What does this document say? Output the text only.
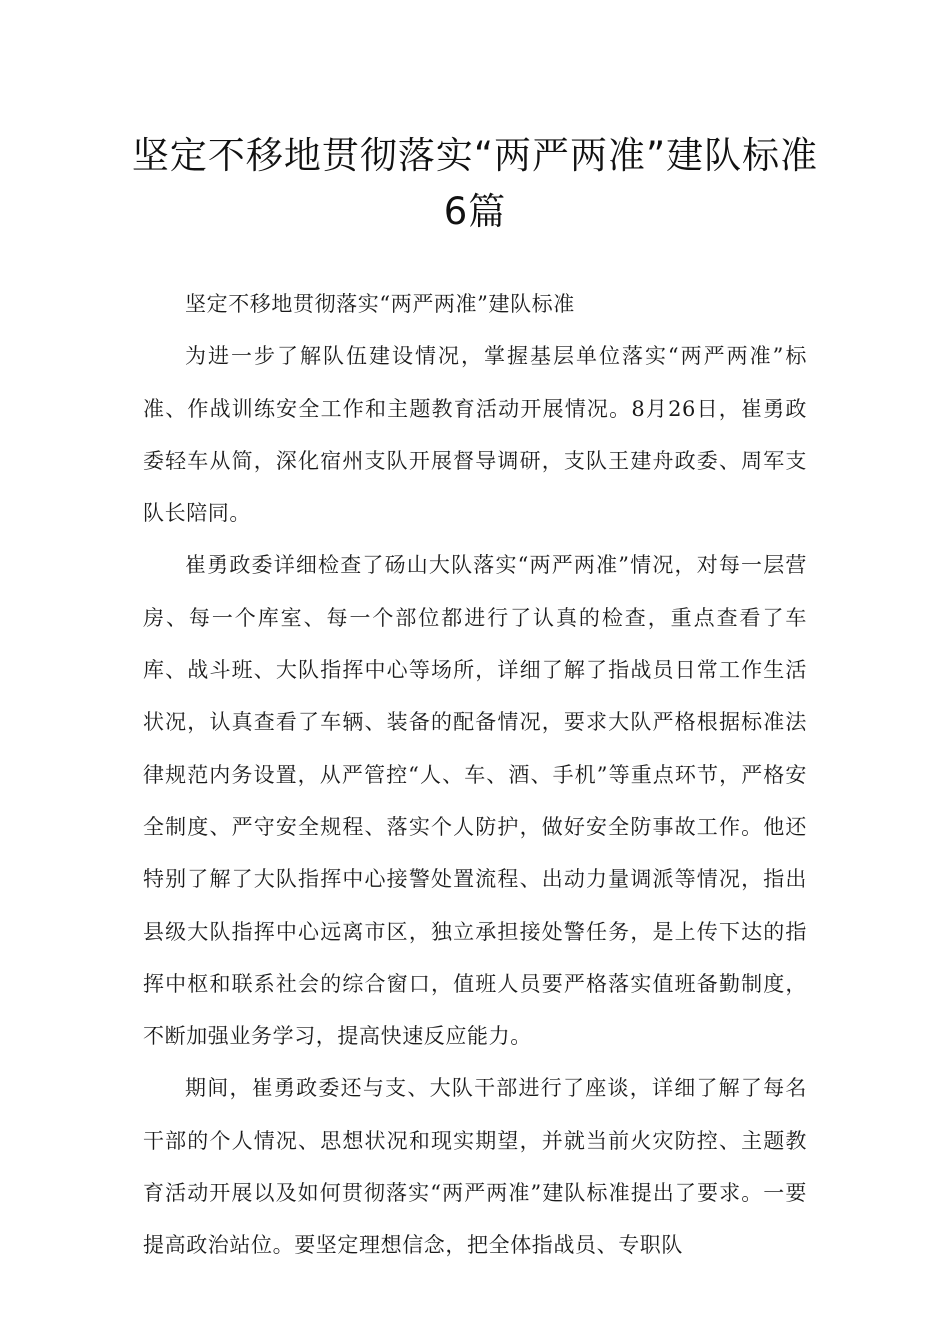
坚定不移地贯彻落实“两严两准”建队标准6篇

坚定不移地贯彻落实“两严两准”建队标准

为进一步了解队伍建设情况，掌握基层单位落实“两严两准”标准、作战训练安全工作和主题教育活动开展情况。8月26日，崔勇政委轻车从简，深化宿州支队开展督导调研，支队王建舟政委、周军支队长陪同。

崔勇政委详细检查了砀山大队落实“两严两准”情况，对每一层营房、每一个库室、每一个部位都进行了认真的检查，重点查看了车库、战斗班、大队指挥中心等场所，详细了解了指战员日常工作生活状况，认真查看了车辆、装备的配备情况，要求大队严格根据标准法律规范内务设置，从严管控“人、车、酒、手机”等重点环节，严格安全制度、严守安全规程、落实个人防护，做好安全防事故工作。他还特别了解了大队指挥中心接警处置流程、出动力量调派等情况，指出县级大队指挥中心远离市区，独立承担接处警任务，是上传下达的指挥中枢和联系社会的综合窗口，值班人员要严格落实值班备勤制度，不断加强业务学习，提高快速反应能力。

期间，崔勇政委还与支、大队干部进行了座谈，详细了解了每名干部的个人情况、思想状况和现实期望，并就当前火灾防控、主题教育活动开展以及如何贯彻落实“两严两准”建队标准提出了要求。一要提高政治站位。要坚定理想信念，把全体指战员、专职队
